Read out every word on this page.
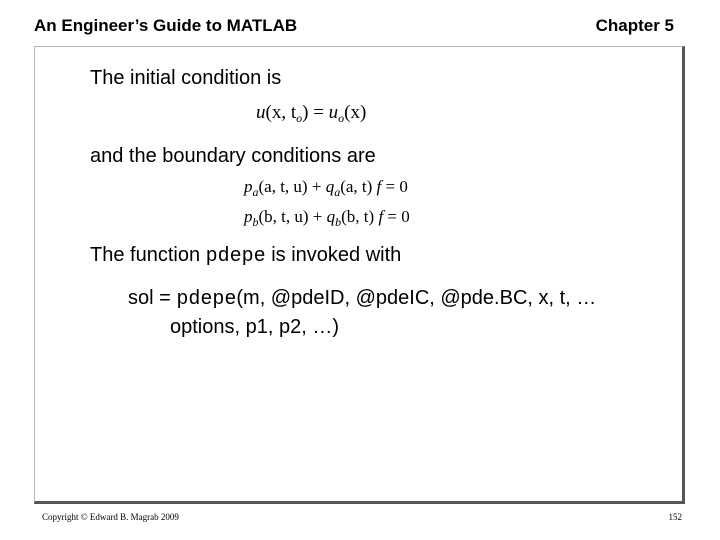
An Engineer’s Guide to MATLAB	Chapter 5
The initial condition is
u(x, $t_o) = u_o(x)$
and the boundary conditions are
$p_a(a$, t, $u) + q_a(a$, t) f = 0
$p_b(b$, t, $u) + q_b(b$, t) f = 0
The function pdepe is invoked with
sol = pdepe(m, @pdeID, @pdeIC, @pde.BC, x, t, …
options, p1, p2, …)
Copyright © Edward B. Magrab 2009	152
